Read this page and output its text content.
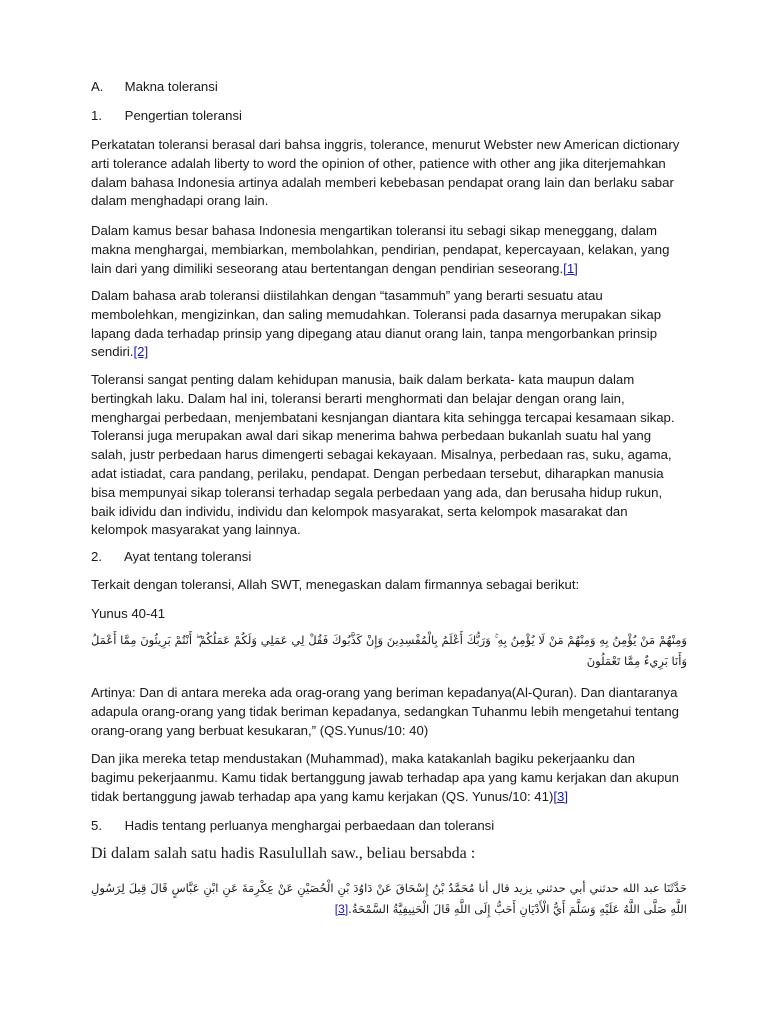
A. Makna toleransi
1. Pengertian toleransi

Perkatatan toleransi berasal dari bahsa inggris, tolerance, menurut Webster new American dictionary arti tolerance adalah liberty to word the opinion of other, patience with other ang jika diterjemahkan dalam bahasa Indonesia artinya adalah memberi kebebasan pendapat orang lain dan berlaku sabar dalam menghadapi orang lain.

Dalam kamus besar bahasa Indonesia mengartikan toleransi itu sebagi sikap meneggang, dalam makna menghargai, membiarkan, membolahkan, pendirian, pendapat, kepercayaan, kelakan, yang lain dari yang dimiliki seseorang atau bertentangan dengan pendirian seseorang.[1]

Dalam bahasa arab toleransi diistilahkan dengan “tasammuh” yang berarti sesuatu atau membolehkan, mengizinkan, dan saling memudahkan. Toleransi pada dasarnya merupakan sikap lapang dada terhadap prinsip yang dipegang atau dianut orang lain, tanpa mengorbankan prinsip sendiri.[2]

Toleransi sangat penting dalam kehidupan manusia, baik dalam berkata- kata maupun dalam bertingkah laku. Dalam hal ini, toleransi berarti menghormati dan belajar dengan orang lain, menghargai perbedaan, menjembatani kesnjangan diantara kita sehingga tercapai kesamaan sikap. Toleransi juga merupakan awal dari sikap menerima bahwa perbedaan bukanlah suatu hal yang salah, justr perbedaan harus dimengerti sebagai kekayaan. Misalnya, perbedaan ras, suku, agama, adat istiadat, cara pandang, perilaku, pendapat. Dengan perbedaan tersebut, diharapkan manusia bisa mempunyai sikap toleransi terhadap segala perbedaan yang ada, dan berusaha hidup rukun, baik idividu dan individu, individu dan kelompok masyarakat, serta kelompok masarakat dan kelompok masyarakat yang lainnya.

2. Ayat tentang toleransi

Terkait dengan toleransi, Allah SWT, menegaskan dalam firmannya sebagai berikut:

Yunus 40-41

وَمِنْهُمْ مَنْ يُؤْمِنُ بِهِ وَمِنْهُمْ مَنْ لَا يُؤْمِنُ بِهِ ۚ وَرَبُّكَ أَعْلَمُ بِالْمُفْسِدِينَ وَإِنْ كَذَّبُوكَ فَقُلْ لِي عَمَلِي وَلَكُمْ عَمَلُكُمْ ۖ أَنْتُمْ بَرِيئُونَ مِمَّا أَعْمَلُ وَأَنَا بَرِيءٌ مِمَّا تَعْمَلُونَ

Artinya: Dan di antara mereka ada orag-orang yang beriman kepadanya(Al-Quran). Dan diantaranya adapula orang-orang yang tidak beriman kepadanya, sedangkan Tuhanmu lebih mengetahui tentang orang-orang yang berbuat kesukaran,” (QS.Yunus/10: 40)

Dan jika mereka tetap mendustakan (Muhammad), maka katakanlah bagiku pekerjaanku dan bagimu pekerjaanmu. Kamu tidak bertanggung jawab terhadap apa yang kamu kerjakan dan akupun tidak bertanggung jawab terhadap apa yang kamu kerjakan (QS. Yunus/10: 41)[3]

5. Hadis tentang perluanya menghargai perbaedaan dan toleransi

Di dalam salah satu hadis Rasulullah saw., beliau bersabda :

حَدَّثَنَا عبد الله حدثني أبي حدثني يزيد قال أنا مُحَمَّدُ بْنُ إِسْحَاقَ عَنْ دَاوُدَ بْنِ الْحُصَيْنِ عَنْ عِكْرِمَةَ عَنِ ابْنِ عَبَّاسٍ قَالَ قِيلَ لِرَسُولِ اللَّهِ صَلَّى اللَّهُ عَلَيْهِ وَسَلَّمَ أَيُّ الْأَدْيَانِ أَحَبُّ إِلَى اللَّهِ قَالَ الْحَنِيفِيَّةُ السَّمْحَةُ.[3]
